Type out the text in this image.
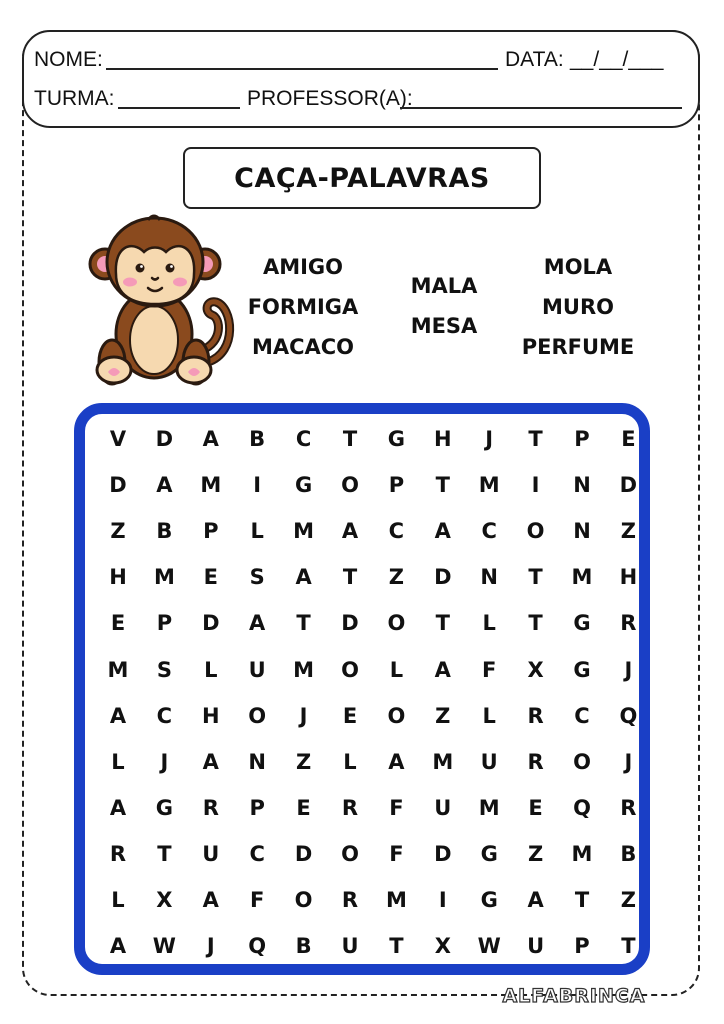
NOME:	DATA: __/__/___
TURMA:	PROFESSOR(A):
CAÇA-PALAVRAS
AMIGO
FORMIGA
MACACO
MALA
MESA
MOLA
MURO
PERFUME
V	D	A	B	C	T	G	H	J	T	P	E
D	A	M	I	G	O	P	T	M	I	N	D
Z	B	P	L	M	A	C	A	C	O	N	Z
H	M	E	S	A	T	Z	D	N	T	M	H
E	P	D	A	T	D	O	T	L	T	G	R
M	S	L	U	M	O	L	A	F	X	G	J
A	C	H	O	J	E	O	Z	L	R	C	Q
L	J	A	N	Z	L	A	M	U	R	O	J
A	G	R	P	E	R	F	U	M	E	Q	R
R	T	U	C	D	O	F	D	G	Z	M	B
L	X	A	F	O	R	M	I	G	A	T	Z
A	W	J	Q	B	U	T	X	W	U	P	T
ALFABRINCA
